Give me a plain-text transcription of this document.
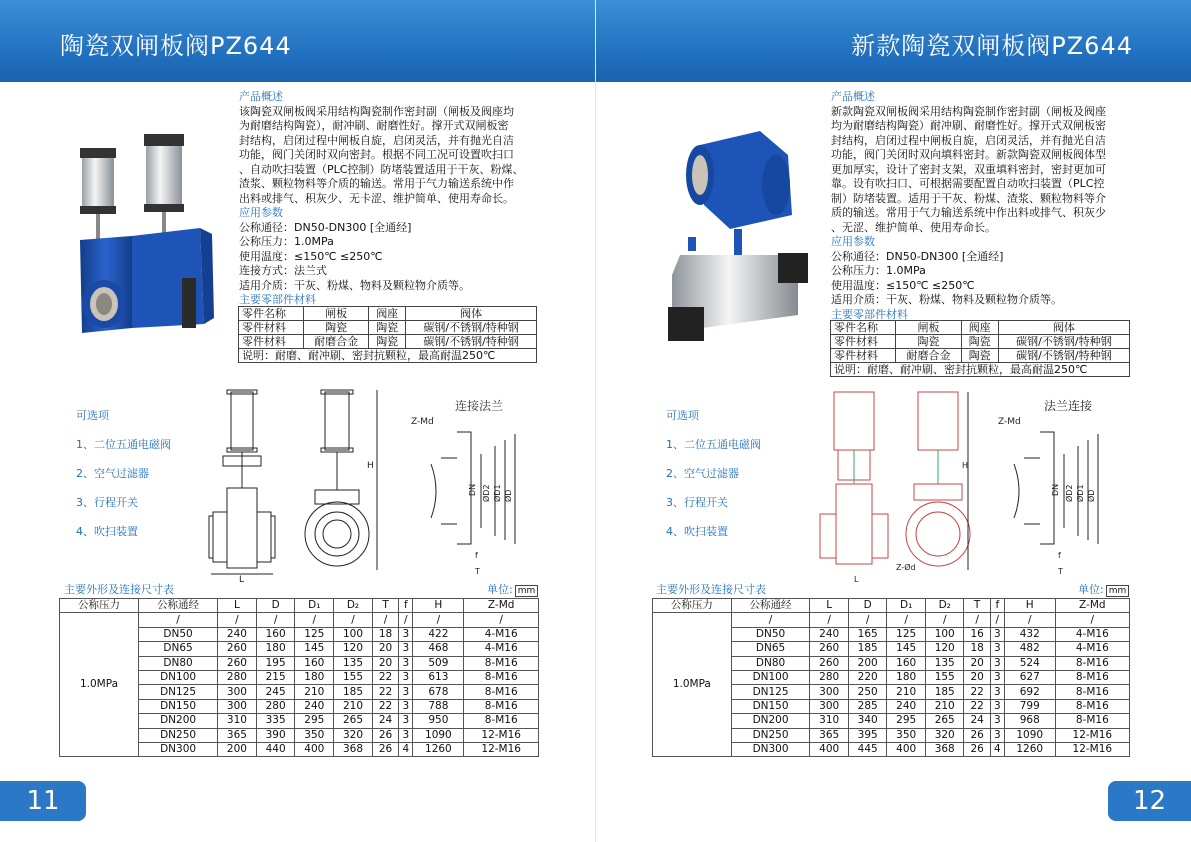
陶瓷双闸板阀PZ644
产品概述
该陶瓷双闸板阀采用结构陶瓷制作密封副（闸板及阀座均
为耐磨结构陶瓷），耐冲刷、耐磨性好。撑开式双闸板密
封结构，启闭过程中闸板自旋，启闭灵活，并有抛光自洁
功能，阀门关闭时双向密封。根据不同工况可设置吹扫口
、自动吹扫装置（PLC控制）防堵装置适用于干灰、粉煤、
渣浆、颗粒物料等介质的输送。常用于气力输送系统中作
出料或排气、积灰少、无卡涩、维护简单、使用寿命长。
应用参数
公称通径：DN50-DN300 [全通经]
公称压力：1.0MPa
使用温度：≤150℃ ≤250℃
连接方式：法兰式
适用介质：干灰、粉煤、物料及颗粒物介质等。
主要零部件材料
零件名称	闸板	阀座	阀体
零件材料	陶瓷	陶瓷	碳钢/不锈钢/特种钢
零件材料	耐磨合金	陶瓷	碳钢/不锈钢/特种钢
说明：耐磨、耐冲刷、密封抗颗粒，最高耐温250℃			
可选项
1、二位五通电磁阀
2、空气过滤器
3、行程开关
4、吹扫装置
L
H
连接法兰
Z-Md
DN ØD2 ØD1 ØD
f
T
主要外形及连接尺寸表	单位: mm
公称压力	公称通经	L	D	D₁	D₂	T	f	H	Z-Md
1.0MPa	/	/	/	/	/	/	/	/	/
	DN50	240	160	125	100	18	3	422	4-M16
	DN65	260	180	145	120	20	3	468	4-M16
	DN80	260	195	160	135	20	3	509	8-M16
	DN100	280	215	180	155	22	3	613	8-M16
	DN125	300	245	210	185	22	3	678	8-M16
	DN150	300	280	240	210	22	3	788	8-M16
	DN200	310	335	295	265	24	3	950	8-M16
	DN250	365	390	350	320	26	3	1090	12-M16
	DN300	200	440	400	368	26	4	1260	12-M16
11
新款陶瓷双闸板阀PZ644
产品概述
新款陶瓷双闸板阀采用结构陶瓷制作密封副（闸板及阀座
均为耐磨结构陶瓷）耐冲刷、耐磨性好。撑开式双闸板密
封结构，启闭过程中闸板自旋，启闭灵活，并有抛光自洁
功能，阀门关闭时双向填料密封。新款陶瓷双闸板阀体型
更加厚实，设计了密封支架，双重填料密封，密封更加可
靠。设有吹扫口、可根据需要配置自动吹扫装置（PLC控
制）防堵装置。适用于干灰、粉煤、渣浆、颗粒物料等介
质的输送。常用于气力输送系统中作出料或排气、积灰少
、无涩、维护简单、使用寿命长。
应用参数
公称通径：DN50-DN300 [全通经]
公称压力：1.0MPa
使用温度：≤150℃ ≤250℃
适用介质：干灰、粉煤、物料及颗粒物介质等。
主要零部件材料
零件名称	闸板	阀座	阀体
零件材料	陶瓷	陶瓷	碳钢/不锈钢/特种钢
零件材料	耐磨合金	陶瓷	碳钢/不锈钢/特种钢
说明：耐磨、耐冲刷、密封抗颗粒，最高耐温250℃			
可选项
1、二位五通电磁阀
2、空气过滤器
3、行程开关
4、吹扫装置
H
Z-Ød
L
法兰连接
Z-Md
DN ØD2 ØD1 ØD
f
T
主要外形及连接尺寸表	单位: mm
公称压力	公称通经	L	D	D₁	D₂	T	f	H	Z-Md
1.0MPa	/	/	/	/	/	/	/	/	/
	DN50	240	165	125	100	16	3	432	4-M16
	DN65	260	185	145	120	18	3	482	4-M16
	DN80	260	200	160	135	20	3	524	8-M16
	DN100	280	220	180	155	20	3	627	8-M16
	DN125	300	250	210	185	22	3	692	8-M16
	DN150	300	285	240	210	22	3	799	8-M16
	DN200	310	340	295	265	24	3	968	8-M16
	DN250	365	395	350	320	26	3	1090	12-M16
	DN300	400	445	400	368	26	4	1260	12-M16
12
